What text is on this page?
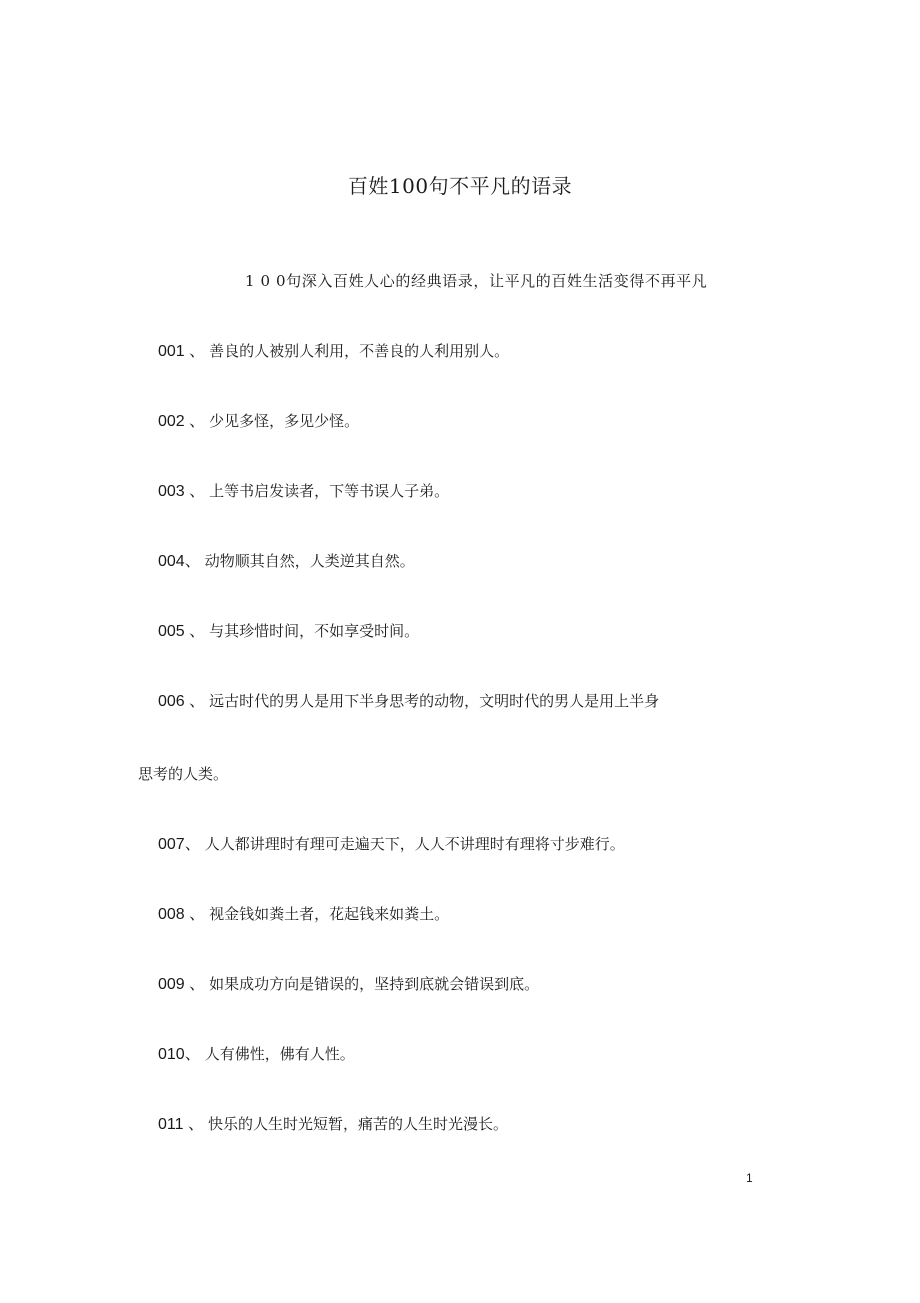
百姓100句不平凡的语录
1 0 0句深入百姓人心的经典语录，让平凡的百姓生活变得不再平凡
001 、 善良的人被别人利用，不善良的人利用别人。
002 、 少见多怪，多见少怪。
003 、 上等书启发读者，下等书误人子弟。
004、 动物顺其自然，人类逆其自然。
005 、 与其珍惜时间，不如享受时间。
006 、 远古时代的男人是用下半身思考的动物，文明时代的男人是用上半身
思考的人类。
007、 人人都讲理时有理可走遍天下，人人不讲理时有理将寸步难行。
008 、 视金钱如粪土者，花起钱来如粪土。
009 、 如果成功方向是错误的，坚持到底就会错误到底。
010、 人有佛性，佛有人性。
011 、 快乐的人生时光短暂，痛苦的人生时光漫长。
1
